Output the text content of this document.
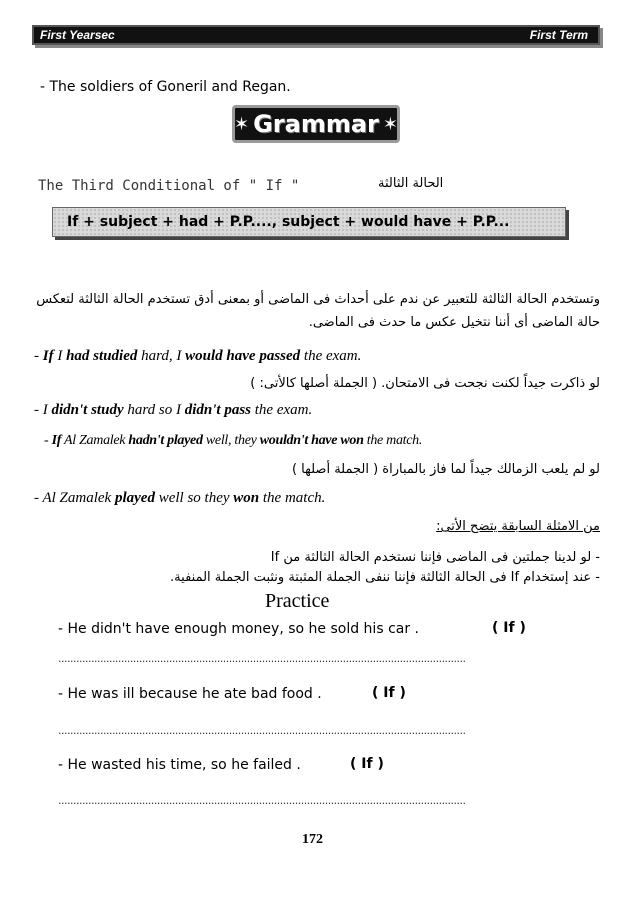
First Yearsec	First Term
- The soldiers of Goneril and Regan.
✶ Grammar ✶
The Third Conditional of " If "	الحالة الثالثة
If + subject + had + P.P...., subject + would have + P.P...
وتستخدم الحالة الثالثة للتعبير عن ندم على أحداث فى الماضى أو بمعنى أدق تستخدم الحالة الثالثة لتعكس
حالة الماضى أى أننا نتخيل عكس ما حدث فى الماضى.
- If I had studied hard, I would have passed the exam.
لو ذاكرت جيداً لكنت نجحت فى الامتحان. ( الجملة أصلها كالأتى: )
- I didn't study hard so I didn't pass the exam.
- If Al Zamalek hadn't played well, they wouldn't have won the match.
لو لم يلعب الزمالك جيداً لما فاز بالمباراة ( الجملة أصلها )
- Al Zamalek played well so they won the match.
من الامثلة السابقة يتضح الأتى:
- لو لدينا جملتين فى الماضى فإننا نستخدم الحالة الثالثة من If
- عند إستخدام If فى الحالة الثالثة فإننا ننفى الجملة المثبتة ونثبت الجملة المنفية.
Practice
- He didn't have enough money, so he sold his car .	( If )
........................................................................................................................................
- He was ill because he ate bad food .	( If )
........................................................................................................................................
- He wasted his time, so he failed .	( If )
........................................................................................................................................
172
